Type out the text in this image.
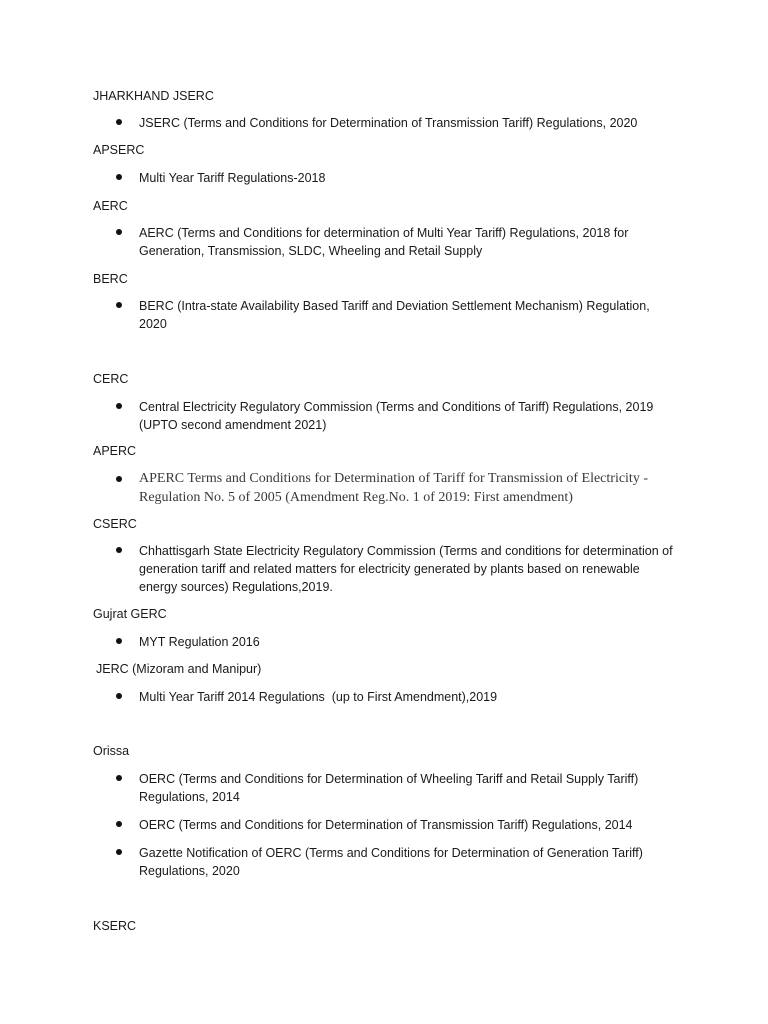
JHARKHAND JSERC
JSERC (Terms and Conditions for Determination of Transmission Tariff) Regulations, 2020
APSERC
Multi Year Tariff Regulations-2018
AERC
AERC (Terms and Conditions for determination of Multi Year Tariff) Regulations, 2018 for Generation, Transmission, SLDC, Wheeling and Retail Supply
BERC
BERC (Intra-state Availability Based Tariff and Deviation Settlement Mechanism) Regulation, 2020
CERC
Central Electricity Regulatory Commission (Terms and Conditions of Tariff) Regulations, 2019 (UPTO second amendment 2021)
APERC
APERC Terms and Conditions for Determination of Tariff for Transmission of Electricity - Regulation No. 5 of 2005 (Amendment Reg.No. 1 of 2019: First amendment)
CSERC
Chhattisgarh State Electricity Regulatory Commission (Terms and conditions for determination of generation tariff and related matters for electricity generated by plants based on renewable energy sources) Regulations,2019.
Gujrat GERC
MYT Regulation 2016
JERC (Mizoram and Manipur)
Multi Year Tariff 2014 Regulations  (up to First Amendment),2019
Orissa
OERC (Terms and Conditions for Determination of Wheeling Tariff and Retail Supply Tariff) Regulations, 2014
OERC (Terms and Conditions for Determination of Transmission Tariff) Regulations, 2014
Gazette Notification of OERC (Terms and Conditions for Determination of Generation Tariff) Regulations, 2020
KSERC
